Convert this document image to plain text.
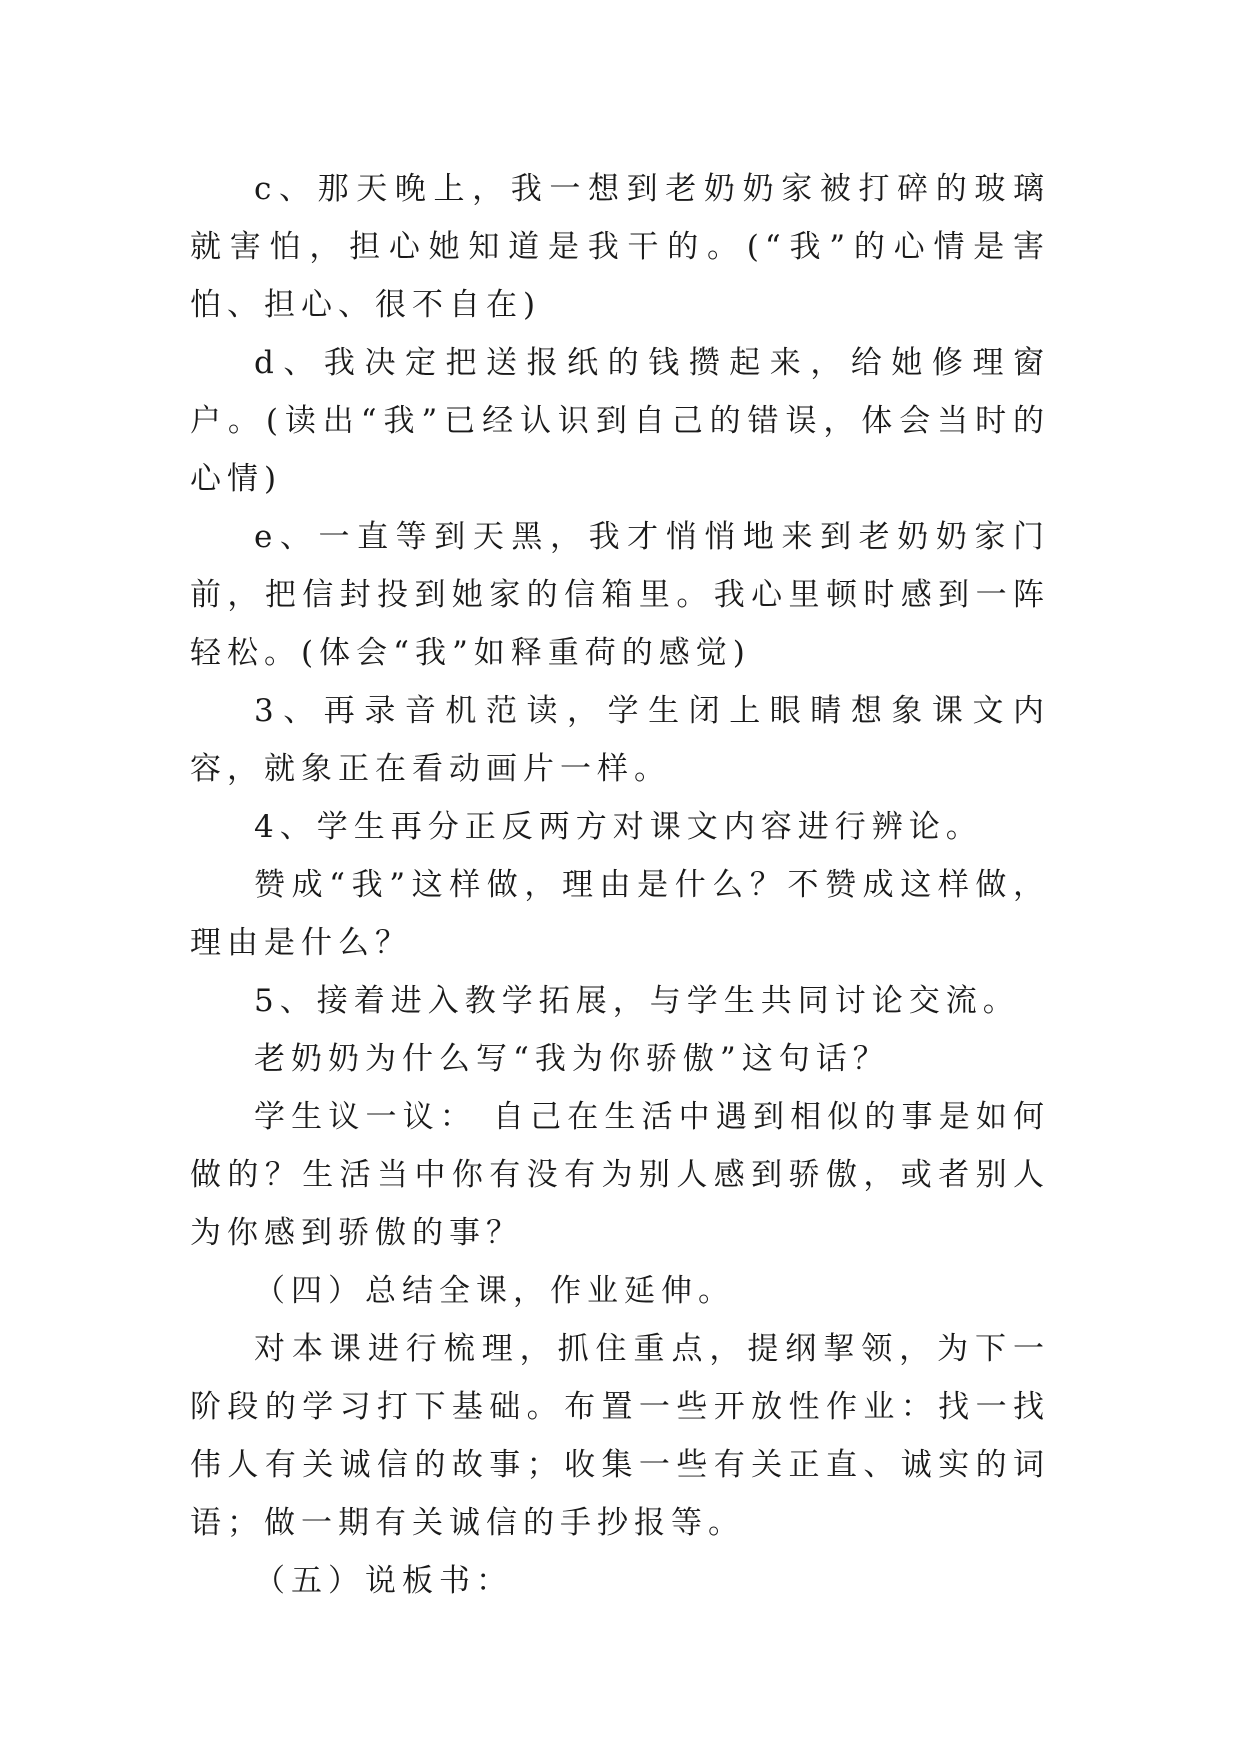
c、那天晚上，我一想到老奶奶家被打碎的玻璃就害怕，担心她知道是我干的。(“我”的心情是害怕、担心、很不自在)

d、我决定把送报纸的钱攒起来，给她修理窗户。(读出“我”已经认识到自己的错误，体会当时的心情)

e、一直等到天黑，我才悄悄地来到老奶奶家门前，把信封投到她家的信箱里。我心里顿时感到一阵轻松。(体会“我”如释重荷的感觉)

3、再录音机范读，学生闭上眼睛想象课文内容，就象正在看动画片一样。

4、学生再分正反两方对课文内容进行辨论。

赞成“我”这样做，理由是什么？不赞成这样做，理由是什么？

5、接着进入教学拓展，与学生共同讨论交流。

老奶奶为什么写“我为你骄傲”这句话？

学生议一议： 自己在生活中遇到相似的事是如何做的？生活当中你有没有为别人感到骄傲，或者别人为你感到骄傲的事？

（四）总结全课，作业延伸。

对本课进行梳理，抓住重点，提纲挈领，为下一阶段的学习打下基础。布置一些开放性作业：找一找伟人有关诚信的故事；收集一些有关正直、诚实的词语；做一期有关诚信的手抄报等。

（五）说板书：
